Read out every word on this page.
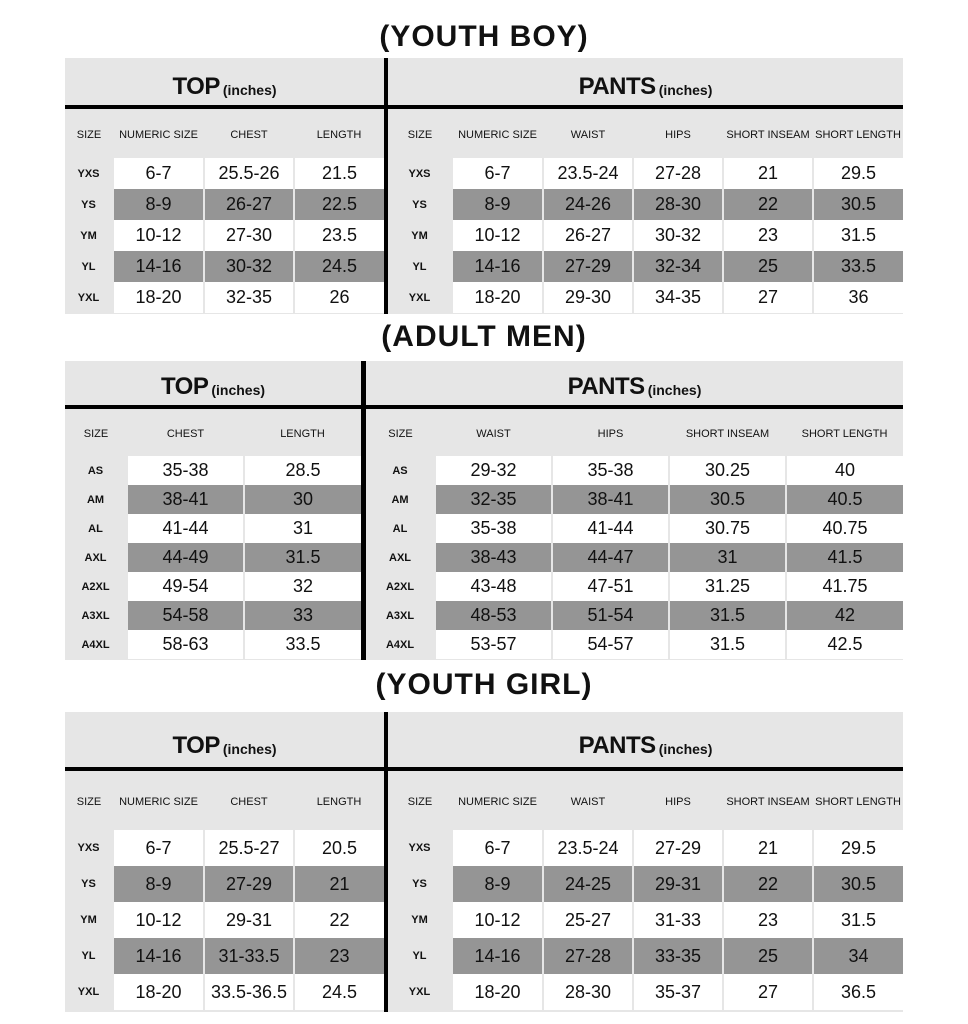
(YOUTH BOY)
TOP (inches)	PANTS (inches)
SIZE	NUMERIC SIZE	CHEST	LENGTH
YXS	6-7	25.5-26	21.5
YS	8-9	26-27	22.5
YM	10-12	27-30	23.5
YL	14-16	30-32	24.5
YXL	18-20	32-35	26
SIZE	NUMERIC SIZE	WAIST	HIPS	SHORT INSEAM	SHORT LENGTH
YXS	6-7	23.5-24	27-28	21	29.5
YS	8-9	24-26	28-30	22	30.5
YM	10-12	26-27	30-32	23	31.5
YL	14-16	27-29	32-34	25	33.5
YXL	18-20	29-30	34-35	27	36
(ADULT MEN)
TOP (inches)	PANTS (inches)
SIZE	CHEST	LENGTH
AS	35-38	28.5
AM	38-41	30
AL	41-44	31
AXL	44-49	31.5
A2XL	49-54	32
A3XL	54-58	33
A4XL	58-63	33.5
SIZE	WAIST	HIPS	SHORT INSEAM	SHORT LENGTH
AS	29-32	35-38	30.25	40
AM	32-35	38-41	30.5	40.5
AL	35-38	41-44	30.75	40.75
AXL	38-43	44-47	31	41.5
A2XL	43-48	47-51	31.25	41.75
A3XL	48-53	51-54	31.5	42
A4XL	53-57	54-57	31.5	42.5
(YOUTH GIRL)
TOP (inches)	PANTS (inches)
SIZE	NUMERIC SIZE	CHEST	LENGTH
YXS	6-7	25.5-27	20.5
YS	8-9	27-29	21
YM	10-12	29-31	22
YL	14-16	31-33.5	23
YXL	18-20	33.5-36.5	24.5
SIZE	NUMERIC SIZE	WAIST	HIPS	SHORT INSEAM	SHORT LENGTH
YXS	6-7	23.5-24	27-29	21	29.5
YS	8-9	24-25	29-31	22	30.5
YM	10-12	25-27	31-33	23	31.5
YL	14-16	27-28	33-35	25	34
YXL	18-20	28-30	35-37	27	36.5
